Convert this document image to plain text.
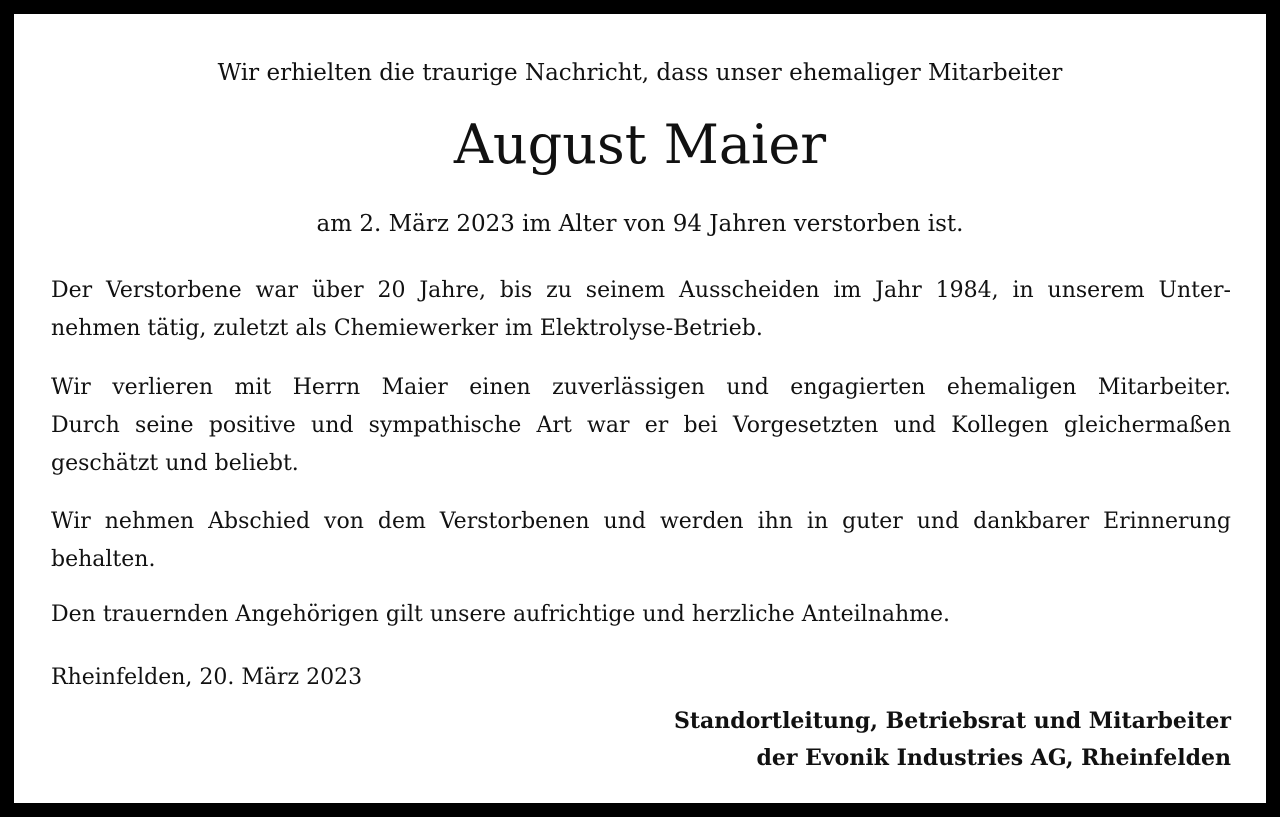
Wir erhielten die traurige Nachricht, dass unser ehemaliger Mitarbeiter
August Maier
am 2. März 2023 im Alter von 94 Jahren verstorben ist.
Der Verstorbene war über 20 Jahre, bis zu seinem Ausscheiden im Jahr 1984, in unserem Unter-
nehmen tätig, zuletzt als Chemiewerker im Elektrolyse-Betrieb.
Wir verlieren mit Herrn Maier einen zuverlässigen und engagierten ehemaligen Mitarbeiter.
Durch seine positive und sympathische Art war er bei Vorgesetzten und Kollegen gleichermaßen
geschätzt und beliebt.
Wir nehmen Abschied von dem Verstorbenen und werden ihn in guter und dankbarer Erinnerung
behalten.
Den trauernden Angehörigen gilt unsere aufrichtige und herzliche Anteilnahme.
Rheinfelden, 20. März 2023
Standortleitung, Betriebsrat und Mitarbeiter
der Evonik Industries AG, Rheinfelden
